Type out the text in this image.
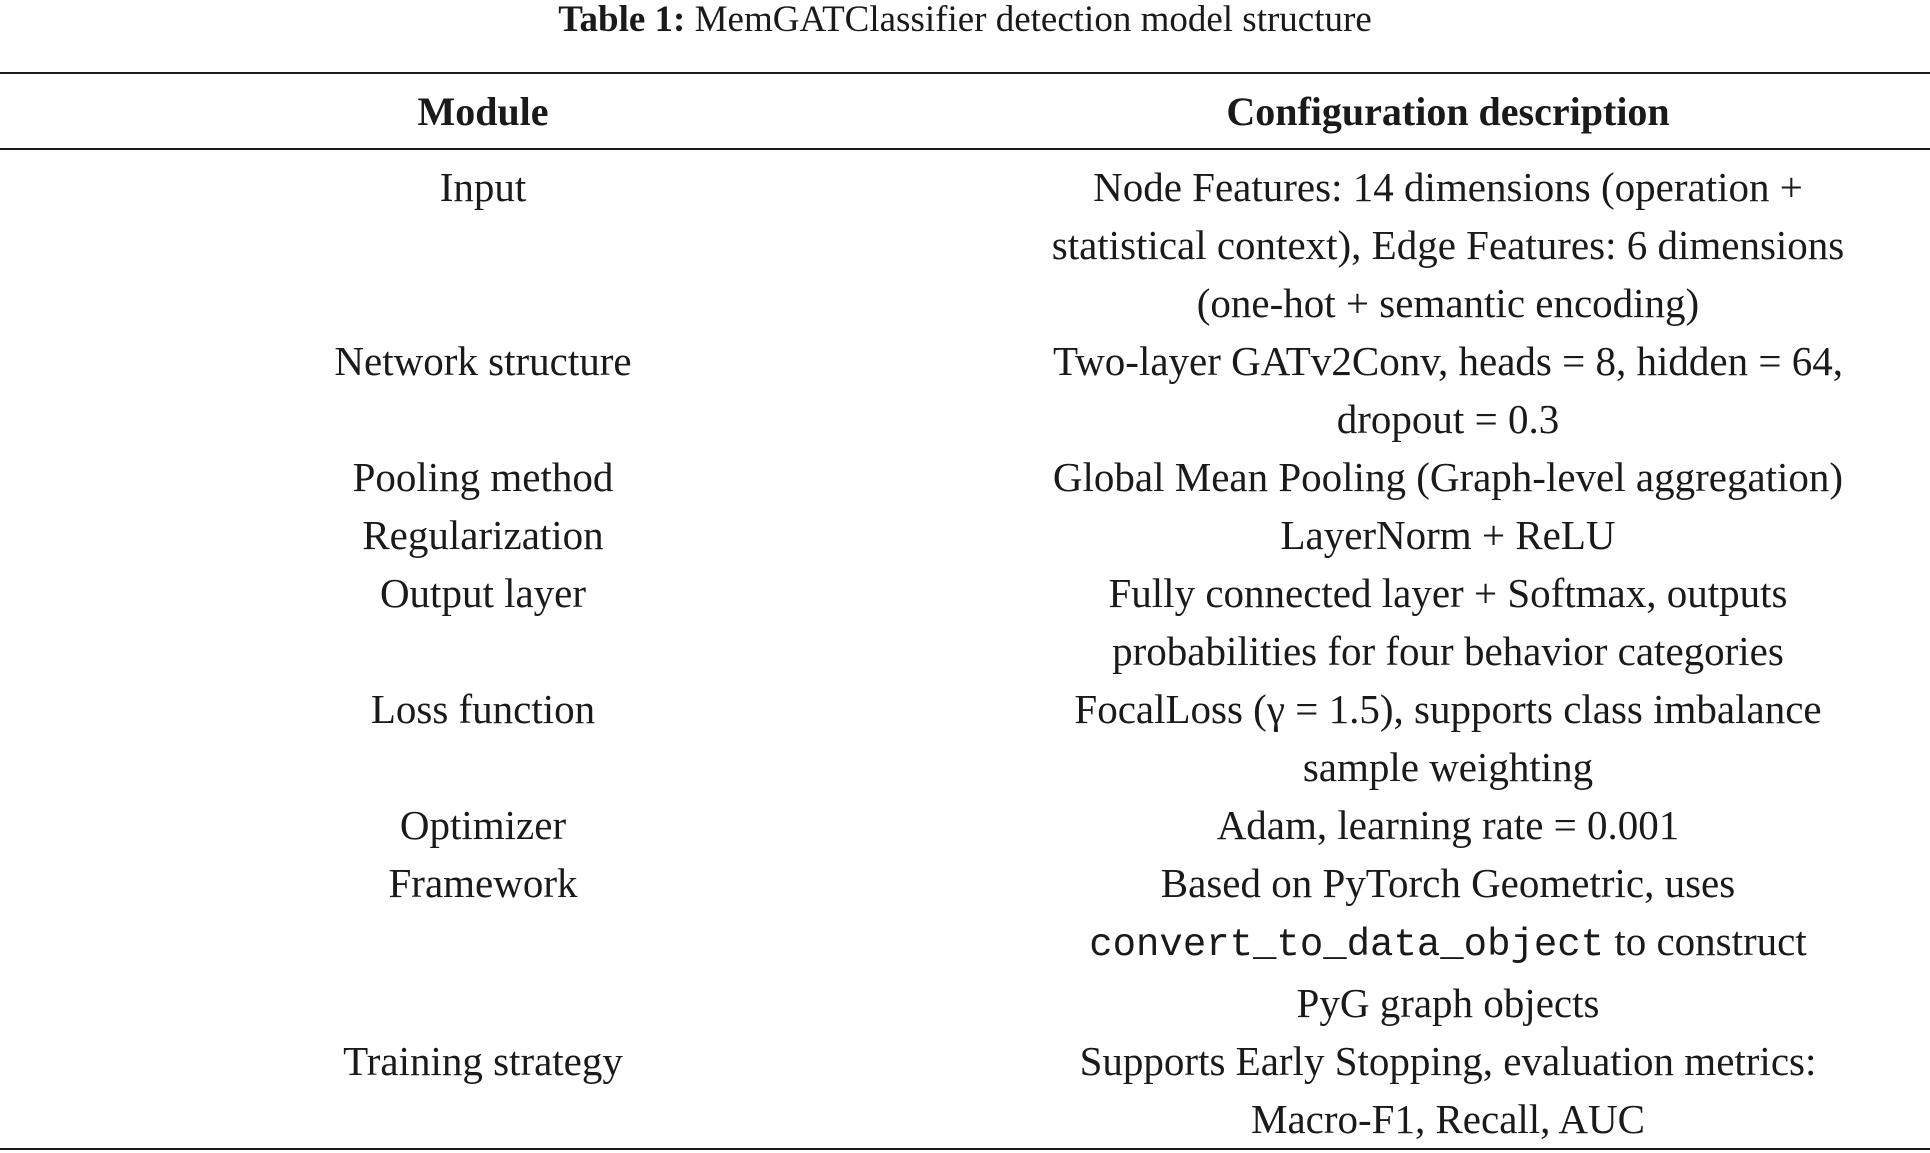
Table 1: MemGATClassifier detection model structure
Module	Configuration description
Input	Node Features: 14 dimensions (operation +
statistical context), Edge Features: 6 dimensions
(one-hot + semantic encoding)
Network structure	Two-layer GATv2Conv, heads = 8, hidden = 64,
dropout = 0.3
Pooling method	Global Mean Pooling (Graph-level aggregation)
Regularization	LayerNorm + ReLU
Output layer	Fully connected layer + Softmax, outputs
probabilities for four behavior categories
Loss function	FocalLoss (γ = 1.5), supports class imbalance
sample weighting
Optimizer	Adam, learning rate = 0.001
Framework	Based on PyTorch Geometric, uses
convert_to_data_object to construct
PyG graph objects
Training strategy	Supports Early Stopping, evaluation metrics:
Macro-F1, Recall, AUC
